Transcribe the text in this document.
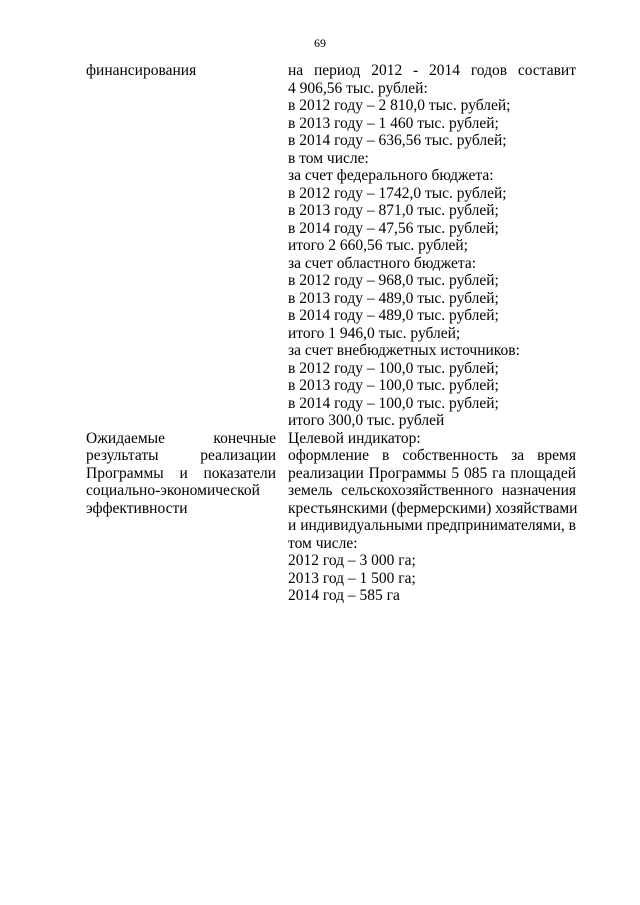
69
финансирования	на период 2012 - 2014 годов составит
4 906,56 тыс. рублей:
в 2012 году – 2 810,0 тыс. рублей;
в 2013 году – 1 460 тыс. рублей;
в 2014 году – 636,56 тыс. рублей;
в том числе:
за счет федерального бюджета:
в 2012 году – 1742,0 тыс. рублей;
в 2013 году – 871,0 тыс. рублей;
в 2014 году – 47,56 тыс. рублей;
итого 2 660,56 тыс. рублей;
за счет областного бюджета:
в 2012 году – 968,0 тыс. рублей;
в 2013 году – 489,0 тыс. рублей;
в 2014 году – 489,0 тыс. рублей;
итого 1 946,0 тыс. рублей;
за счет внебюджетных источников:
в 2012 году – 100,0 тыс. рублей;
в 2013 году – 100,0 тыс. рублей;
в 2014 году – 100,0 тыс. рублей;
итого 300,0 тыс. рублей
Ожидаемые конечные
результаты реализации
Программы и показатели
социально-экономической
эффективности
Целевой индикатор:
оформление в собственность за время
реализации Программы 5 085 га площадей
земель сельскохозяйственного назначения
крестьянскими (фермерскими) хозяйствами
и индивидуальными предпринимателями, в
том числе:
2012 год – 3 000 га;
2013 год – 1 500 га;
2014 год – 585 га
